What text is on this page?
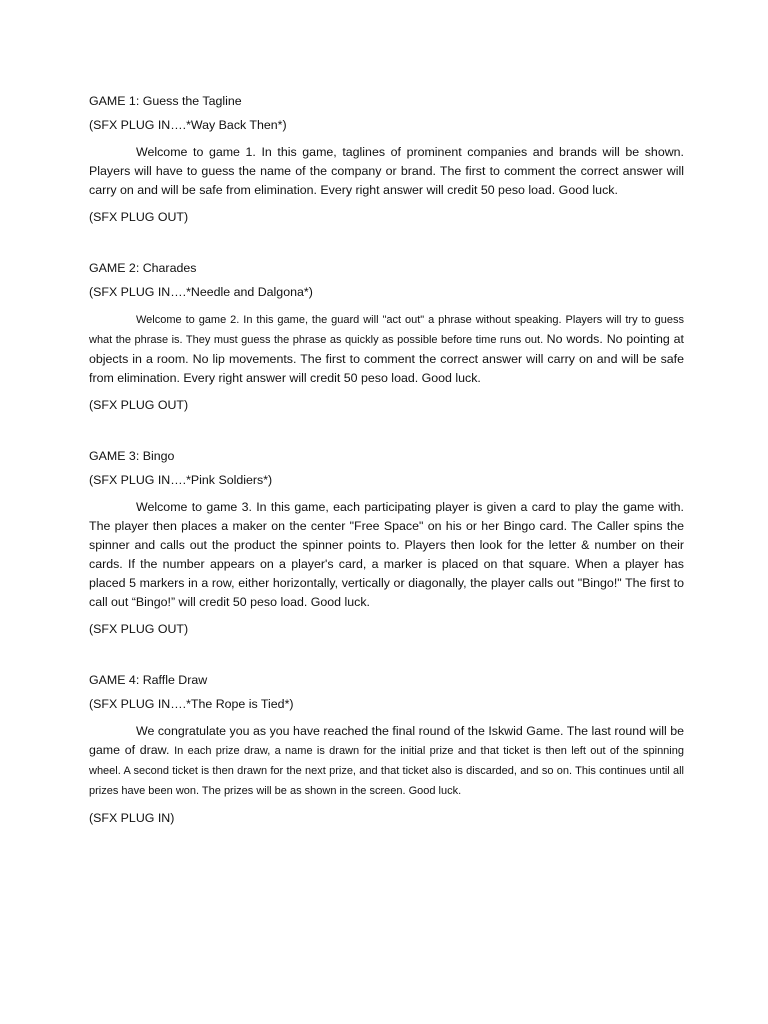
GAME 1: Guess the Tagline

(SFX PLUG IN….*Way Back Then*)

Welcome to game 1. In this game, taglines of prominent companies and brands will be shown. Players will have to guess the name of the company or brand. The first to comment the correct answer will carry on and will be safe from elimination. Every right answer will credit 50 peso load. Good luck.

(SFX PLUG OUT)

GAME 2: Charades

(SFX PLUG IN….*Needle and Dalgona*)

Welcome to game 2. In this game, the guard will "act out" a phrase without speaking. Players will try to guess what the phrase is. They must guess the phrase as quickly as possible before time runs out. No words. No pointing at objects in a room. No lip movements. The first to comment the correct answer will carry on and will be safe from elimination. Every right answer will credit 50 peso load. Good luck.

(SFX PLUG OUT)

GAME 3: Bingo

(SFX PLUG IN….*Pink Soldiers*)

Welcome to game 3. In this game, each participating player is given a card to play the game with. The player then places a maker on the center "Free Space" on his or her Bingo card. The Caller spins the spinner and calls out the product the spinner points to. Players then look for the letter & number on their cards. If the number appears on a player's card, a marker is placed on that square. When a player has placed 5 markers in a row, either horizontally, vertically or diagonally, the player calls out "Bingo!" The first to call out “Bingo!” will credit 50 peso load. Good luck.

(SFX PLUG OUT)

GAME 4: Raffle Draw

(SFX PLUG IN….*The Rope is Tied*)

We congratulate you as you have reached the final round of the Iskwid Game. The last round will be game of draw. In each prize draw, a name is drawn for the initial prize and that ticket is then left out of the spinning wheel. A second ticket is then drawn for the next prize, and that ticket also is discarded, and so on. This continues until all prizes have been won. The prizes will be as shown in the screen. Good luck.

(SFX PLUG IN)
